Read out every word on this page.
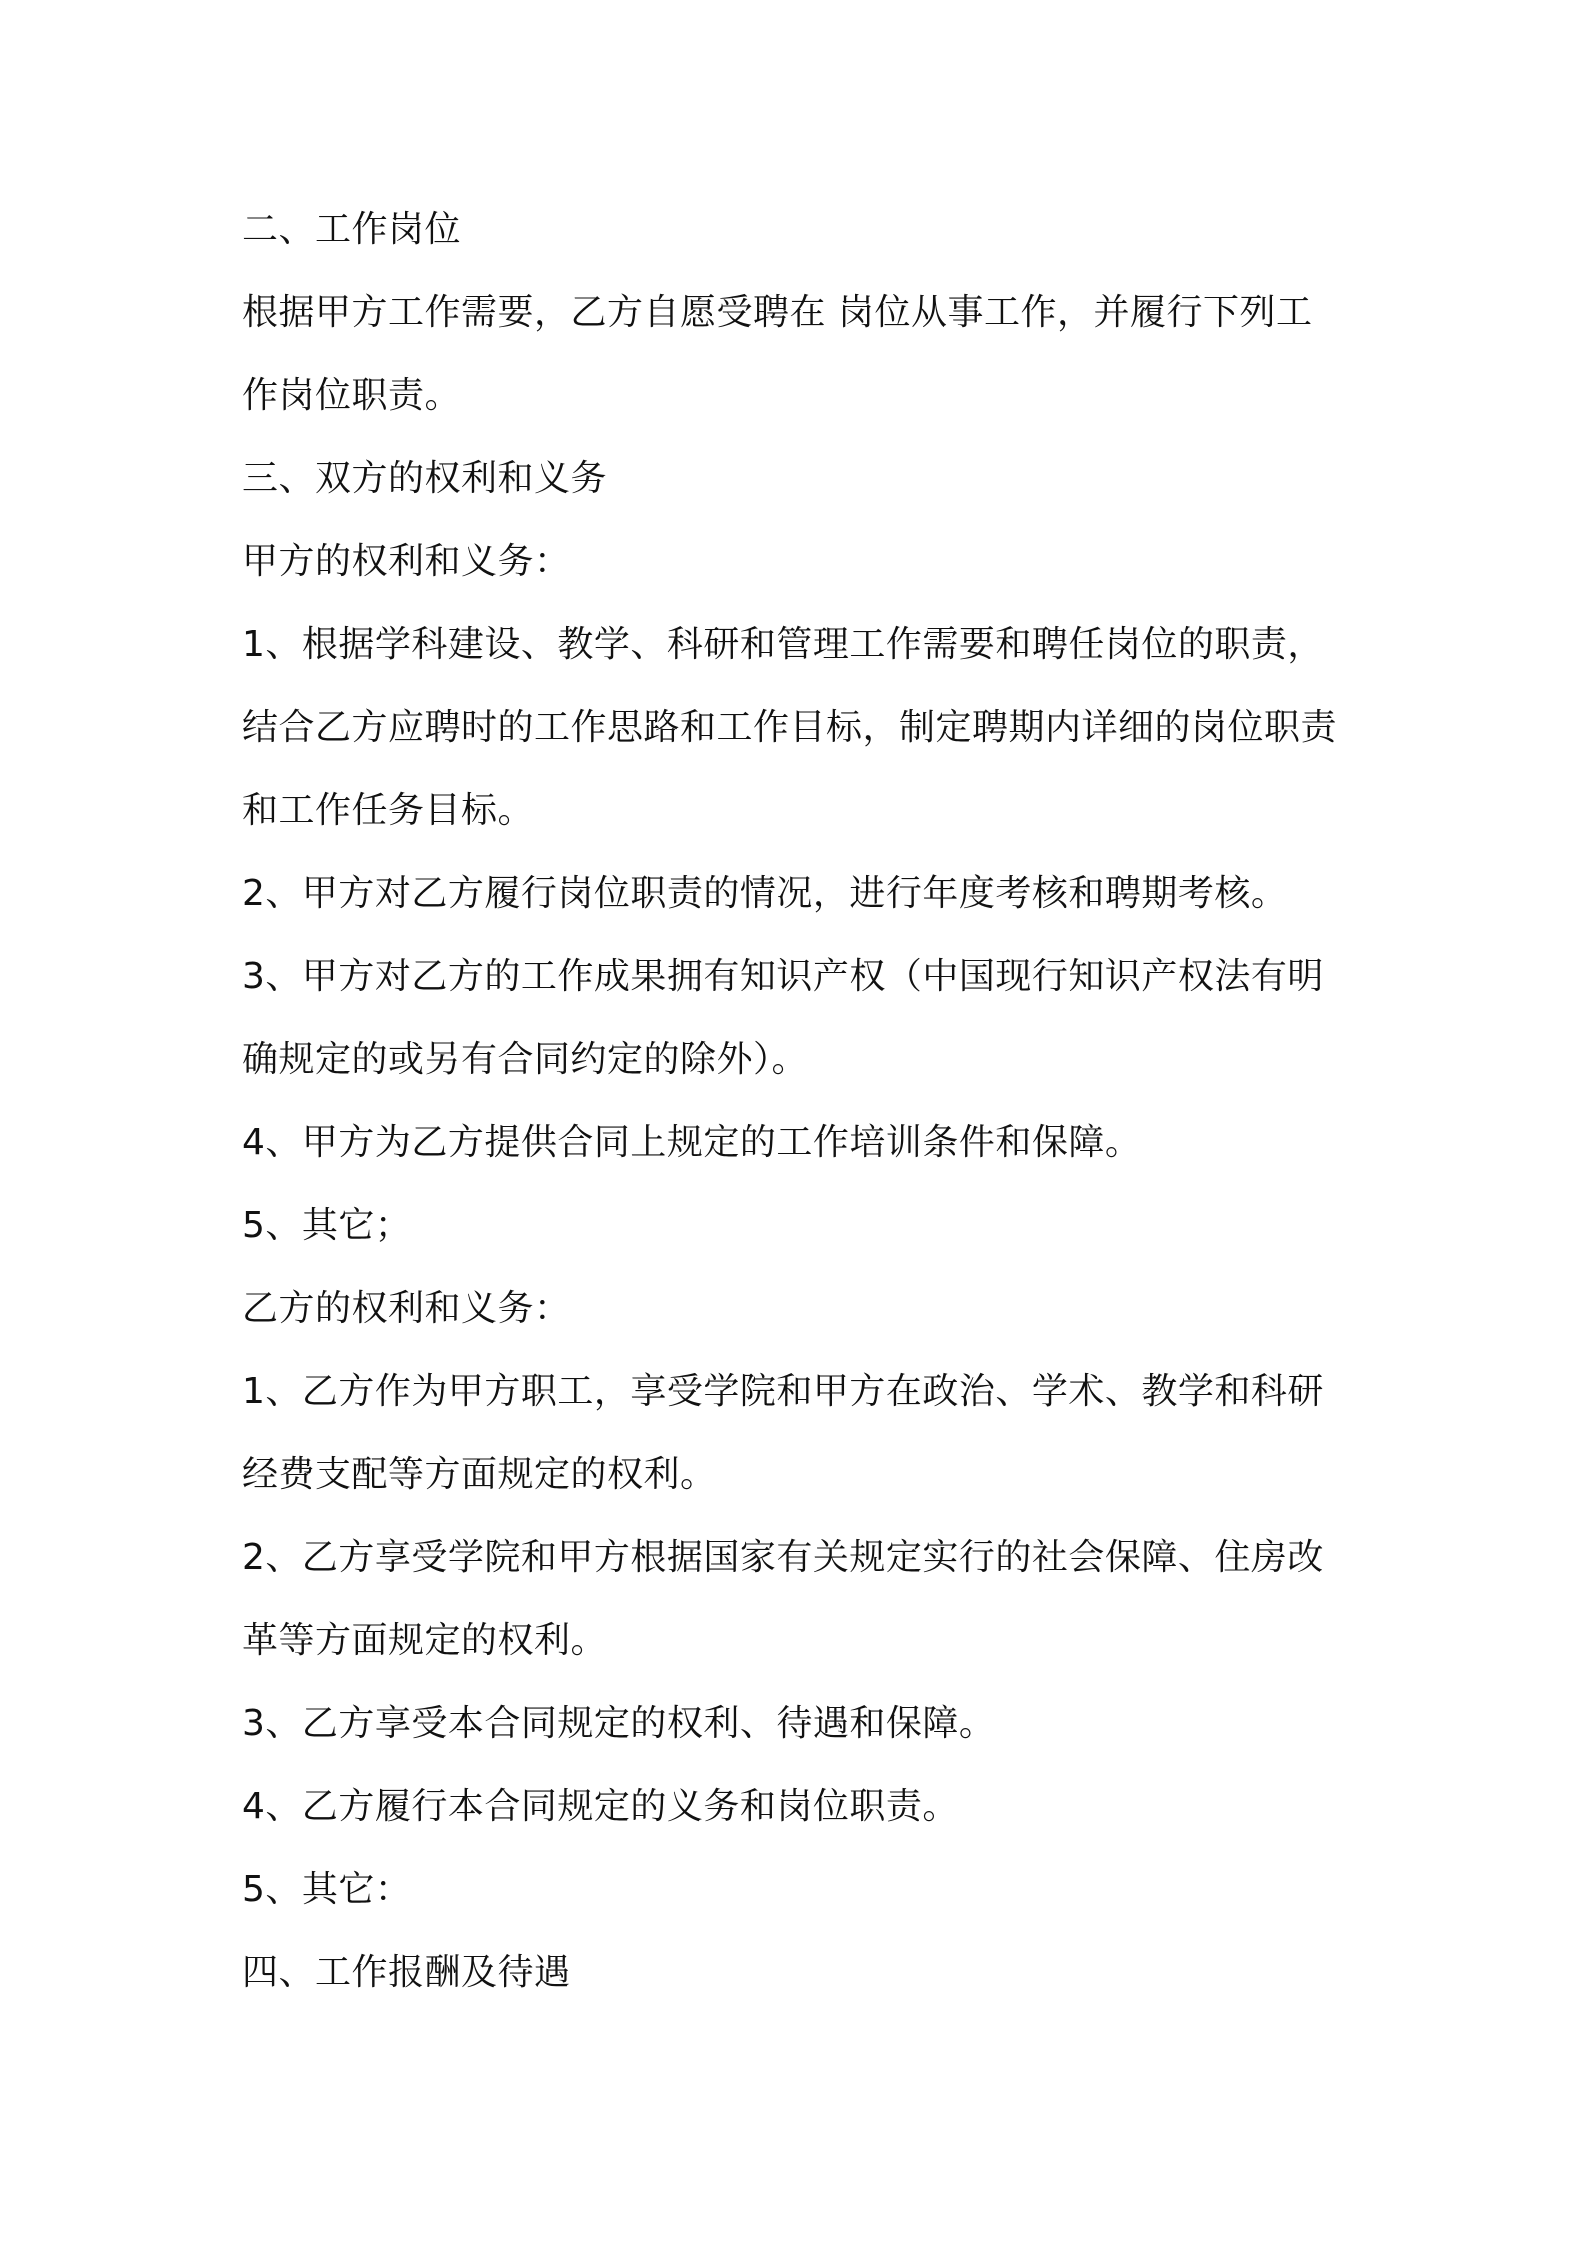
二、工作岗位
根据甲方工作需要，乙方自愿受聘在 岗位从事工作，并履行下列工
作岗位职责。
三、双方的权利和义务
甲方的权利和义务：
1、根据学科建设、教学、科研和管理工作需要和聘任岗位的职责，
结合乙方应聘时的工作思路和工作目标，制定聘期内详细的岗位职责
和工作任务目标。
2、甲方对乙方履行岗位职责的情况，进行年度考核和聘期考核。
3、甲方对乙方的工作成果拥有知识产权（中国现行知识产权法有明
确规定的或另有合同约定的除外）。
4、甲方为乙方提供合同上规定的工作培训条件和保障。
5、其它；
乙方的权利和义务：
1、乙方作为甲方职工，享受学院和甲方在政治、学术、教学和科研
经费支配等方面规定的权利。
2、乙方享受学院和甲方根据国家有关规定实行的社会保障、住房改
革等方面规定的权利。
3、乙方享受本合同规定的权利、待遇和保障。
4、乙方履行本合同规定的义务和岗位职责。
5、其它：
四、工作报酬及待遇
